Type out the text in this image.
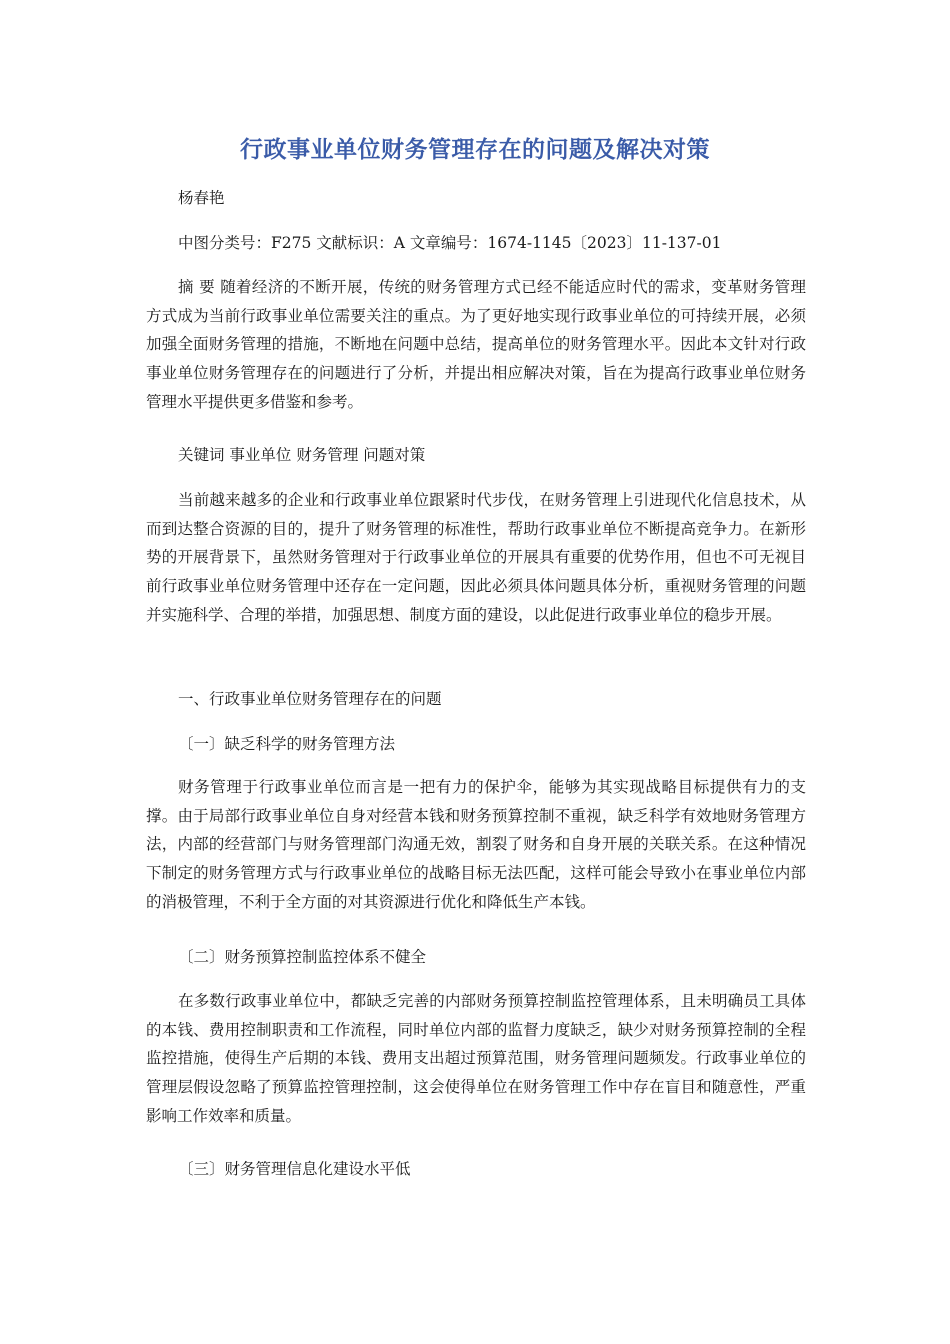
行政事业单位财务管理存在的问题及解决对策

杨春艳

中图分类号：F275 文献标识：A 文章编号：1674-1145〔2023〕11-137-01

摘 要 随着经济的不断开展，传统的财务管理方式已经不能适应时代的需求，变革财务管理方式成为当前行政事业单位需要关注的重点。为了更好地实现行政事业单位的可持续开展，必须加强全面财务管理的措施，不断地在问题中总结，提高单位的财务管理水平。因此本文针对行政事业单位财务管理存在的问题进行了分析，并提出相应解决对策，旨在为提高行政事业单位财务管理水平提供更多借鉴和参考。

关键词 事业单位 财务管理 问题对策

当前越来越多的企业和行政事业单位跟紧时代步伐，在财务管理上引进现代化信息技术，从而到达整合资源的目的，提升了财务管理的标准性，帮助行政事业单位不断提高竞争力。在新形势的开展背景下，虽然财务管理对于行政事业单位的开展具有重要的优势作用，但也不可无视目前行政事业单位财务管理中还存在一定问题，因此必须具体问题具体分析，重视财务管理的问题并实施科学、合理的举措，加强思想、制度方面的建设，以此促进行政事业单位的稳步开展。

一、行政事业单位财务管理存在的问题

〔一〕缺乏科学的财务管理方法

财务管理于行政事业单位而言是一把有力的保护伞，能够为其实现战略目标提供有力的支撑。由于局部行政事业单位自身对经营本钱和财务预算控制不重视，缺乏科学有效地财务管理方法，内部的经营部门与财务管理部门沟通无效，割裂了财务和自身开展的关联关系。在这种情况下制定的财务管理方式与行政事业单位的战略目标无法匹配，这样可能会导致小在事业单位内部的消极管理，不利于全方面的对其资源进行优化和降低生产本钱。

〔二〕财务预算控制监控体系不健全

在多数行政事业单位中，都缺乏完善的内部财务预算控制监控管理体系，且未明确员工具体的本钱、费用控制职责和工作流程，同时单位内部的监督力度缺乏，缺少对财务预算控制的全程监控措施，使得生产后期的本钱、费用支出超过预算范围，财务管理问题频发。行政事业单位的管理层假设忽略了预算监控管理控制，这会使得单位在财务管理工作中存在盲目和随意性，严重影响工作效率和质量。

〔三〕财务管理信息化建设水平低
